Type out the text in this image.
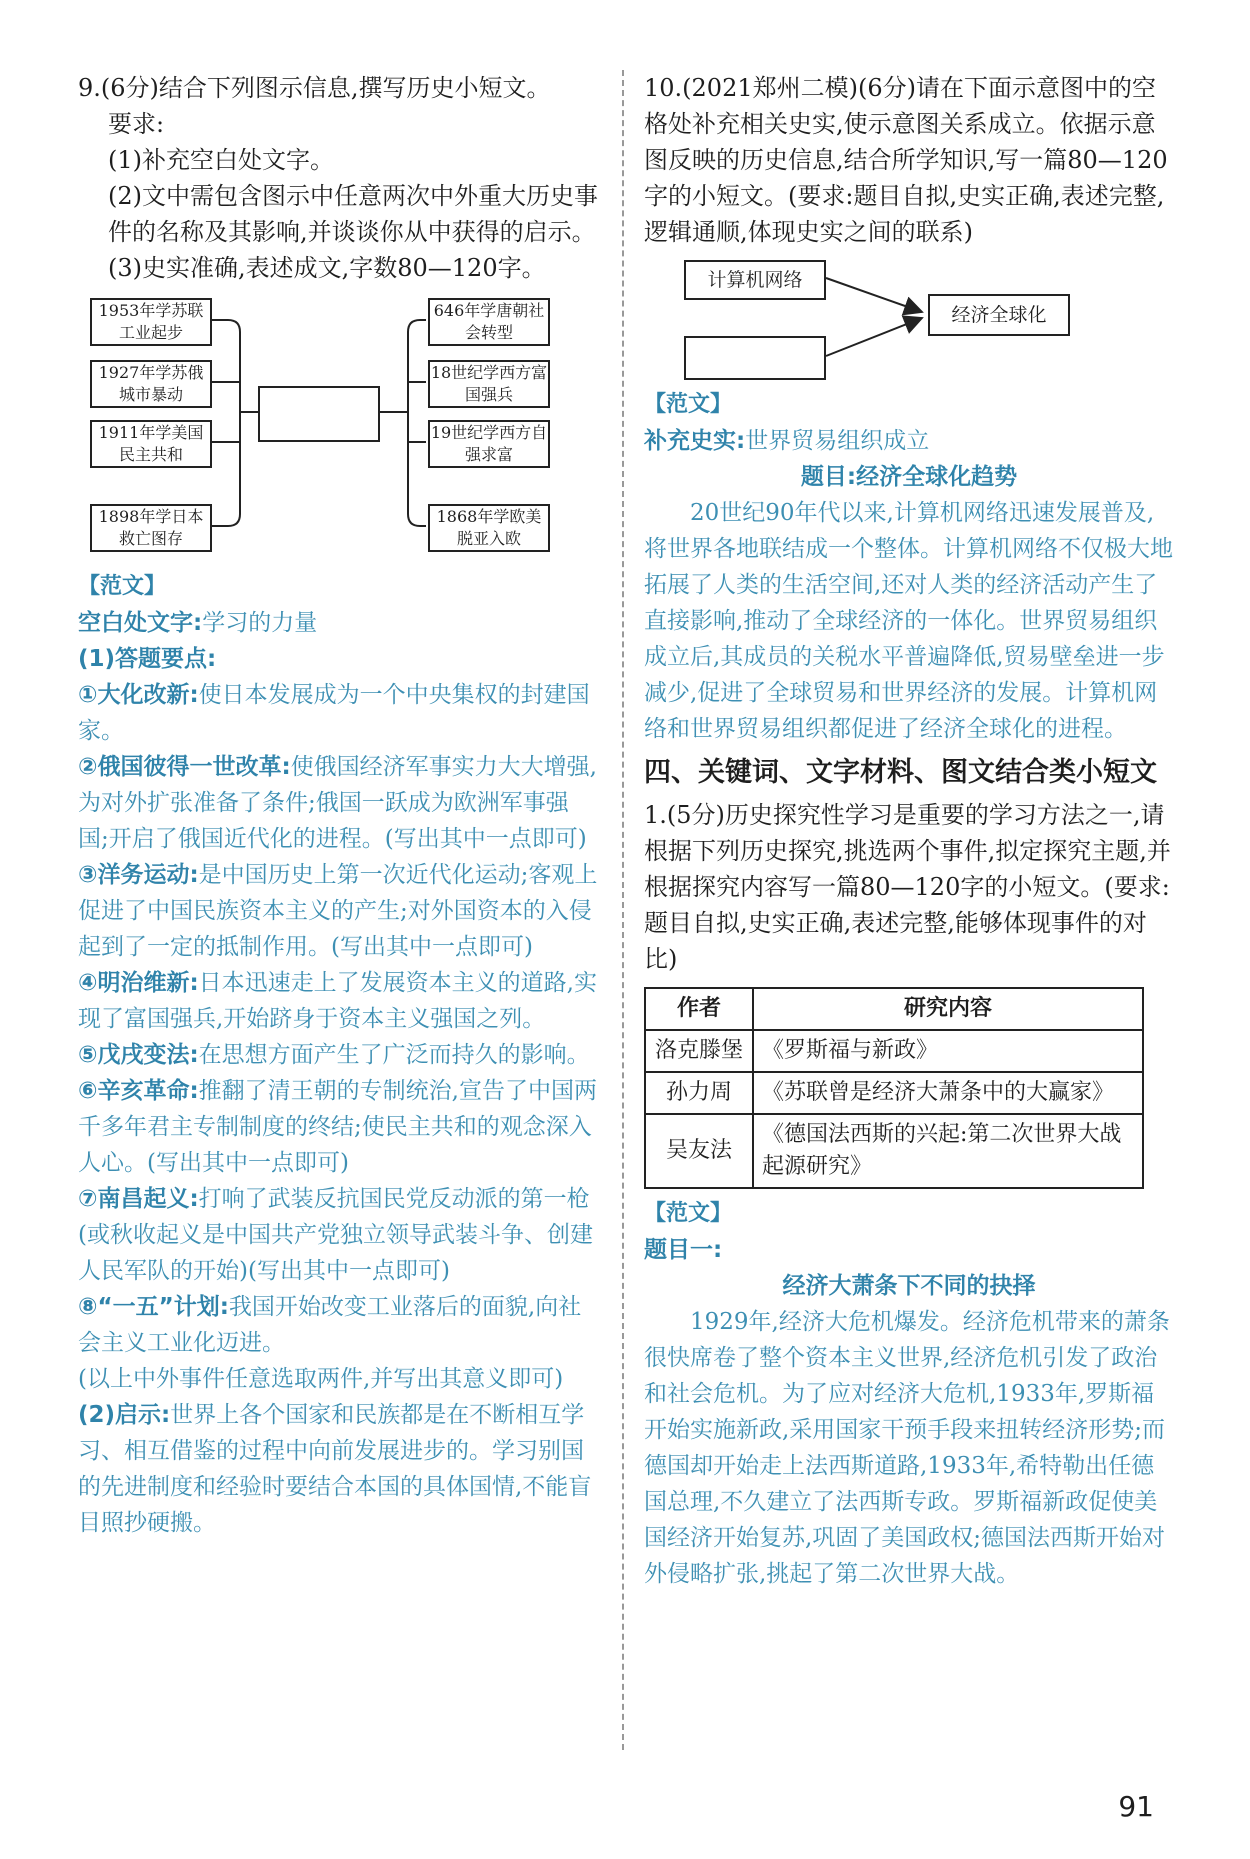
9.(6分)结合下列图示信息,撰写历史小短文。

要求:

(1)补充空白处文字。

(2)文中需包含图示中任意两次中外重大历史事件的名称及其影响,并谈谈你从中获得的启示。

(3)史实准确,表述成文,字数80—120字。

1953年学苏联工业起步
1927年学苏俄城市暴动
1911年学美国民主共和
1898年学日本救亡图存
646年学唐朝社会转型
18世纪学西方富国强兵
19世纪学西方自强求富
1868年学欧美脱亚入欧

【范文】

空白处文字:学习的力量

(1)答题要点:

①大化改新:使日本发展成为一个中央集权的封建国家。

②俄国彼得一世改革:使俄国经济军事实力大大增强,为对外扩张准备了条件;俄国一跃成为欧洲军事强国;开启了俄国近代化的进程。(写出其中一点即可)

③洋务运动:是中国历史上第一次近代化运动;客观上促进了中国民族资本主义的产生;对外国资本的入侵起到了一定的抵制作用。(写出其中一点即可)

④明治维新:日本迅速走上了发展资本主义的道路,实现了富国强兵,开始跻身于资本主义强国之列。

⑤戊戌变法:在思想方面产生了广泛而持久的影响。

⑥辛亥革命:推翻了清王朝的专制统治,宣告了中国两千多年君主专制制度的终结;使民主共和的观念深入人心。(写出其中一点即可)

⑦南昌起义:打响了武装反抗国民党反动派的第一枪(或秋收起义是中国共产党独立领导武装斗争、创建人民军队的开始)(写出其中一点即可)

⑧“一五”计划:我国开始改变工业落后的面貌,向社会主义工业化迈进。

(以上中外事件任意选取两件,并写出其意义即可)

(2)启示:世界上各个国家和民族都是在不断相互学习、相互借鉴的过程中向前发展进步的。学习别国的先进制度和经验时要结合本国的具体国情,不能盲目照抄硬搬。

10.(2021郑州二模)(6分)请在下面示意图中的空格处补充相关史实,使示意图关系成立。依据示意图反映的历史信息,结合所学知识,写一篇80—120字的小短文。(要求:题目自拟,史实正确,表述完整,逻辑通顺,体现史实之间的联系)

计算机网络
经济全球化

【范文】

补充史实:世界贸易组织成立

题目:经济全球化趋势

20世纪90年代以来,计算机网络迅速发展普及,将世界各地联结成一个整体。计算机网络不仅极大地拓展了人类的生活空间,还对人类的经济活动产生了直接影响,推动了全球经济的一体化。世界贸易组织成立后,其成员的关税水平普遍降低,贸易壁垒进一步减少,促进了全球贸易和世界经济的发展。计算机网络和世界贸易组织都促进了经济全球化的进程。

四、关键词、文字材料、图文结合类小短文

1.(5分)历史探究性学习是重要的学习方法之一,请根据下列历史探究,挑选两个事件,拟定探究主题,并根据探究内容写一篇80—120字的小短文。(要求:题目自拟,史实正确,表述完整,能够体现事件的对比)

作者	研究内容
洛克滕堡	《罗斯福与新政》
孙力周	《苏联曾是经济大萧条中的大赢家》
吴友法	《德国法西斯的兴起:第二次世界大战起源研究》

【范文】

题目一:

经济大萧条下不同的抉择

1929年,经济大危机爆发。经济危机带来的萧条很快席卷了整个资本主义世界,经济危机引发了政治和社会危机。为了应对经济大危机,1933年,罗斯福开始实施新政,采用国家干预手段来扭转经济形势;而德国却开始走上法西斯道路,1933年,希特勒出任德国总理,不久建立了法西斯专政。罗斯福新政促使美国经济开始复苏,巩固了美国政权;德国法西斯开始对外侵略扩张,挑起了第二次世界大战。

91
